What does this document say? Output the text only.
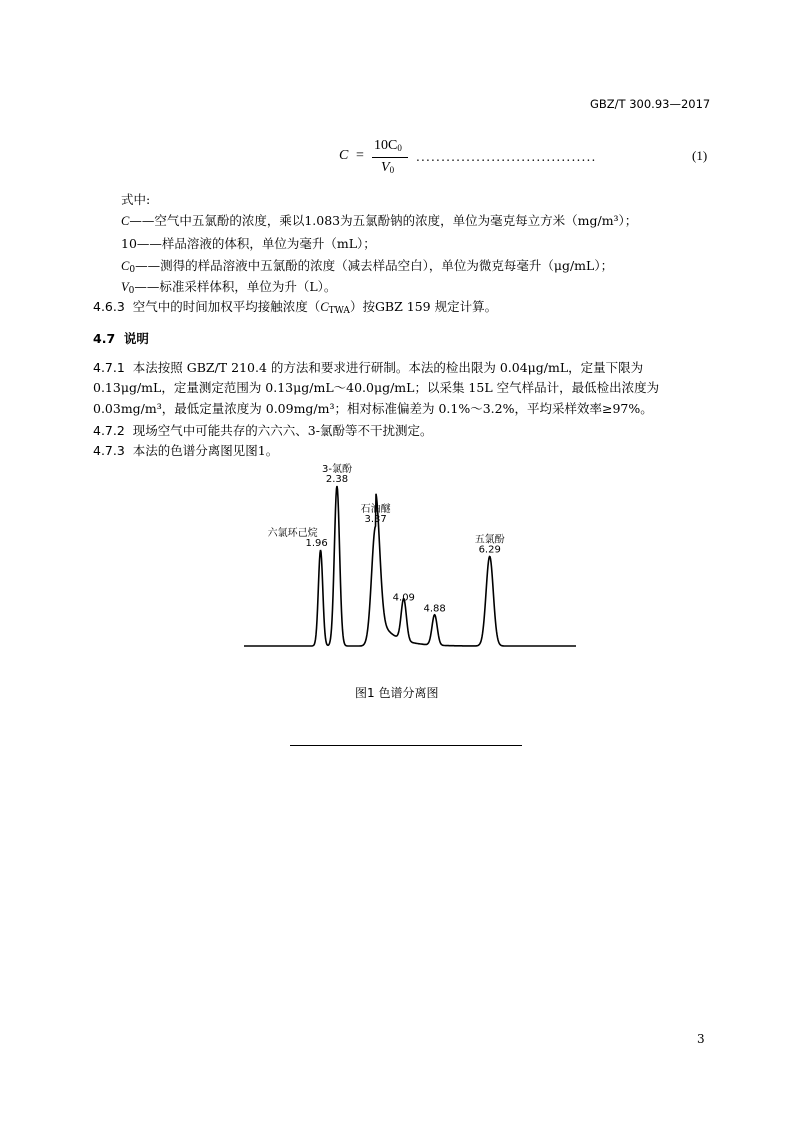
GBZ/T 300.93—2017
C =
$10C_0$
$V_0$
....................................	(1)
式中:
C——空气中五氯酚的浓度，乘以1.083为五氯酚钠的浓度，单位为毫克每立方米（mg/m³）；
10——样品溶液的体积，单位为毫升（mL）；
$C_0——$测得的样品溶液中五氯酚的浓度（减去样品空白），单位为微克每毫升（μg/mL）；
$V_0——$标准采样体积，单位为升（L）。
4.6.3 空气中的时间加权平均接触浓度$(C_{TWA})$按GBZ 159 规定计算。
4.7 说明
4.7.1 本法按照 GBZ/T 210.4 的方法和要求进行研制。本法的检出限为 0.04μg/mL，定量下限为
0.13μg/mL，定量测定范围为 0.13μg/mL～40.0μg/mL；以采集 15L 空气样品计，最低检出浓度为
0.03mg/m³，最低定量浓度为 0.09mg/m³；相对标准偏差为 0.1%～3.2%，平均采样效率≥97%。
4.7.2 现场空气中可能共存的六六六、3-氯酚等不干扰测定。
4.7.3 本法的色谱分离图见图1。
1.96
六氯环己烷
2.38
3-氯酚
3.37
石油醚
4.09
4.88
6.29
五氯酚
图1 色谱分离图
3
